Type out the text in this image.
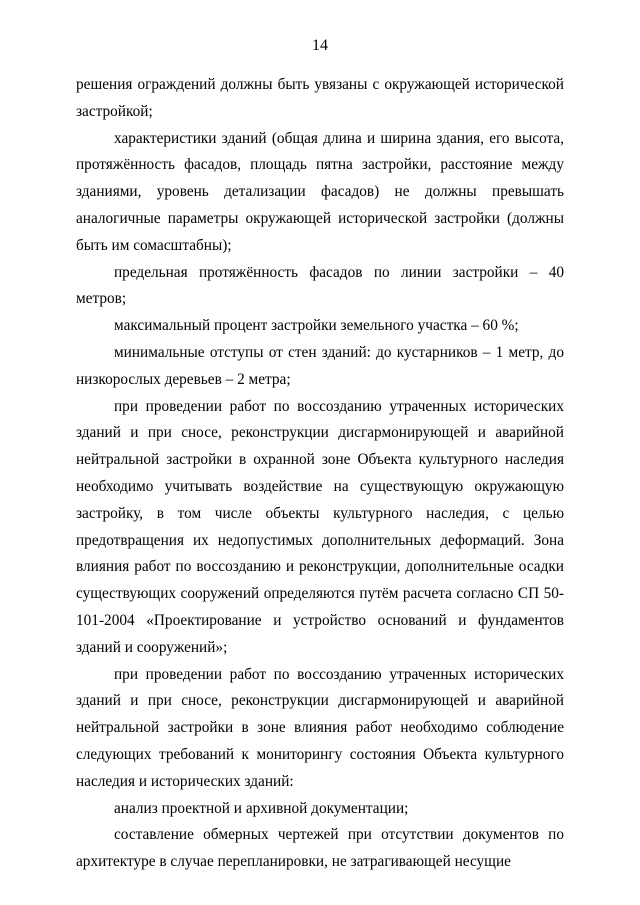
14

решения ограждений должны быть увязаны с окружающей исторической застройкой;

характеристики зданий (общая длина и ширина здания, его высота, протяжённость фасадов, площадь пятна застройки, расстояние между зданиями, уровень детализации фасадов) не должны превышать аналогичные параметры окружающей исторической застройки (должны быть им сомасштабны);

предельная протяжённость фасадов по линии застройки – 40 метров;

максимальный процент застройки земельного участка – 60 %;

минимальные отступы от стен зданий: до кустарников – 1 метр, до низкорослых деревьев – 2 метра;

при проведении работ по воссозданию утраченных исторических зданий и при сносе, реконструкции дисгармонирующей и аварийной нейтральной застройки в охранной зоне Объекта культурного наследия необходимо учитывать воздействие на существующую окружающую застройку, в том числе объекты культурного наследия, с целью предотвращения их недопустимых дополнительных деформаций. Зона влияния работ по воссозданию и реконструкции, дополнительные осадки существующих сооружений определяются путём расчета согласно СП 50-101-2004 «Проектирование и устройство оснований и фундаментов зданий и сооружений»;

при проведении работ по воссозданию утраченных исторических зданий и при сносе, реконструкции дисгармонирующей и аварийной нейтральной застройки в зоне влияния работ необходимо соблюдение следующих требований к мониторингу состояния Объекта культурного наследия и исторических зданий:

анализ проектной и архивной документации;

составление обмерных чертежей при отсутствии документов по архитектуре в случае перепланировки, не затрагивающей несущие
